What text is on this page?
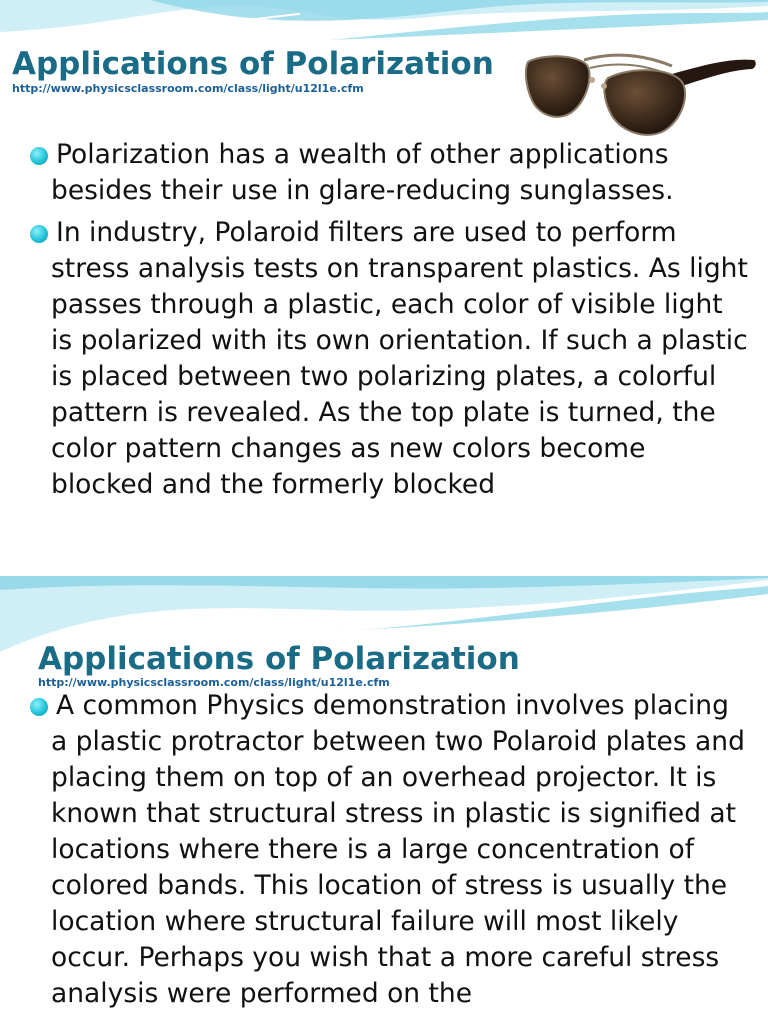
Applications of Polarization

http://www.physicsclassroom.com/class/light/u12l1e.cfm

Polarization has a wealth of other applications besides their use in glare-reducing sunglasses.
In industry, Polaroid filters are used to perform stress analysis tests on transparent plastics. As light passes through a plastic, each color of visible light is polarized with its own orientation. If such a plastic is placed between two polarizing plates, a colorful pattern is revealed. As the top plate is turned, the color pattern changes as new colors become blocked and the formerly blocked
Applications of Polarization

http://www.physicsclassroom.com/class/light/u12l1e.cfm

A common Physics demonstration involves placing a plastic protractor between two Polaroid plates and placing them on top of an overhead projector. It is known that structural stress in plastic is signified at locations where there is a large concentration of colored bands. This location of stress is usually the location where structural failure will most likely occur. Perhaps you wish that a more careful stress analysis were performed on the
